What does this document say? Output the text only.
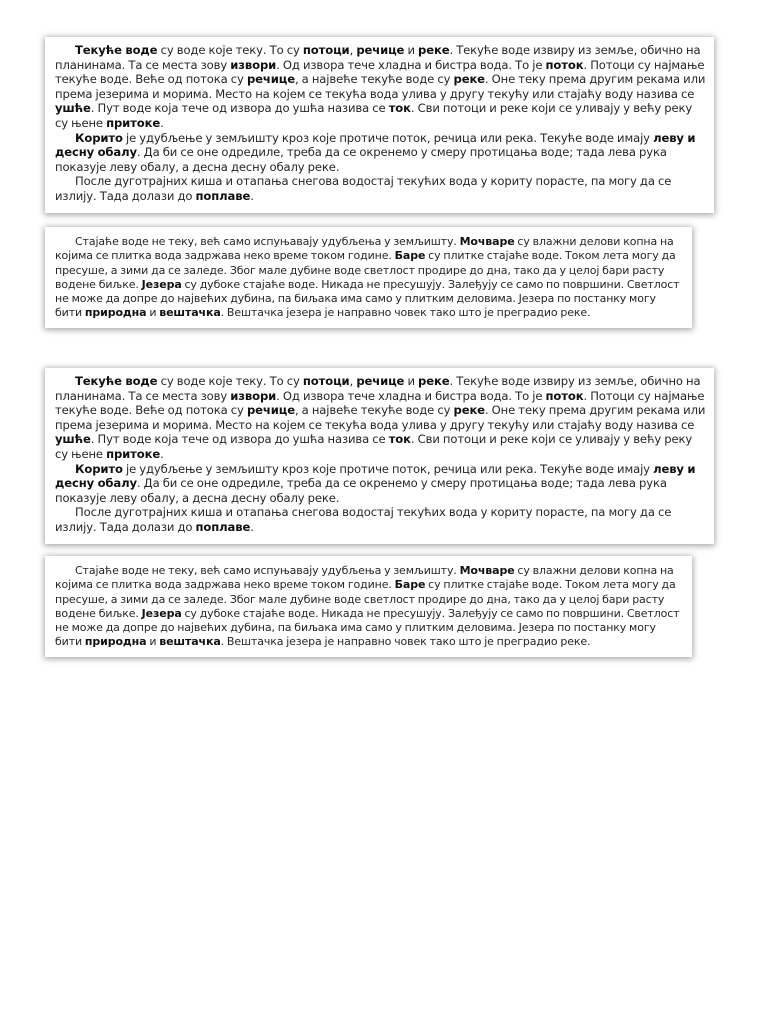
Текуће воде су воде које теку. То су потоци, речице и реке. Текуће воде извиру из земље, обично на планинама. Та се места зову извори. Од извора тече хладна и бистра вода. То је поток. Потоци су најмање текуће воде. Веће од потока су речице, а највеће текуће воде су реке. Оне теку према другим рекама или према језерима и морима. Место на којем се текућа вода улива у другу текућу или стајаћу воду назива се ушће. Пут воде која тече од извора до ушћа назива се ток. Сви потоци и реке који се уливају у већу реку су њене притоке.

Корито је удубљење у земљишту кроз које протиче поток, речица или река. Текуће воде имају леву и десну обалу. Да би се оне одредиле, треба да се окренемо у смеру протицања воде; тада лева рука показује леву обалу, а десна десну обалу реке.

После дуготрајних киша и отапања снегова водостај текућих вода у кориту порасте, па могу да се излију. Тада долази до поплаве.

Стајаће воде не теку, већ само испуњавају удубљења у земљишту. Мочваре су влажни делови копна на којима се плитка вода задржава неко време током године. Баре су плитке стајаће воде. Током лета могу да пресуше, а зими да се заледе. Због мале дубине воде светлост продире до дна, тако да у целој бари расту водене биљке. Језера су дубоке стајаће воде. Никада не пресушују. Залеђују се само по површини. Светлост не може да допре до највећих дубина, па биљака има само у плитким деловима. Језера по постанку могу бити природна и вештачка. Вештачка језера је направно човек тако што је преградио реке.

Текуће воде су воде које теку. То су потоци, речице и реке. Текуће воде извиру из земље, обично на планинама. Та се места зову извори. Од извора тече хладна и бистра вода. То је поток. Потоци су најмање текуће воде. Веће од потока су речице, а највеће текуће воде су реке. Оне теку према другим рекама или према језерима и морима. Место на којем се текућа вода улива у другу текућу или стајаћу воду назива се ушће. Пут воде која тече од извора до ушћа назива се ток. Сви потоци и реке који се уливају у већу реку су њене притоке.

Корито је удубљење у земљишту кроз које протиче поток, речица или река. Текуће воде имају леву и десну обалу. Да би се оне одредиле, треба да се окренемо у смеру протицања воде; тада лева рука показује леву обалу, а десна десну обалу реке.

После дуготрајних киша и отапања снегова водостај текућих вода у кориту порасте, па могу да се излију. Тада долази до поплаве.

Стајаће воде не теку, већ само испуњавају удубљења у земљишту. Мочваре су влажни делови копна на којима се плитка вода задржава неко време током године. Баре су плитке стајаће воде. Током лета могу да пресуше, а зими да се заледе. Због мале дубине воде светлост продире до дна, тако да у целој бари расту водене биљке. Језера су дубоке стајаће воде. Никада не пресушују. Залеђују се само по површини. Светлост не може да допре до највећих дубина, па биљака има само у плитким деловима. Језера по постанку могу бити природна и вештачка. Вештачка језера је направно човек тако што је преградио реке.
